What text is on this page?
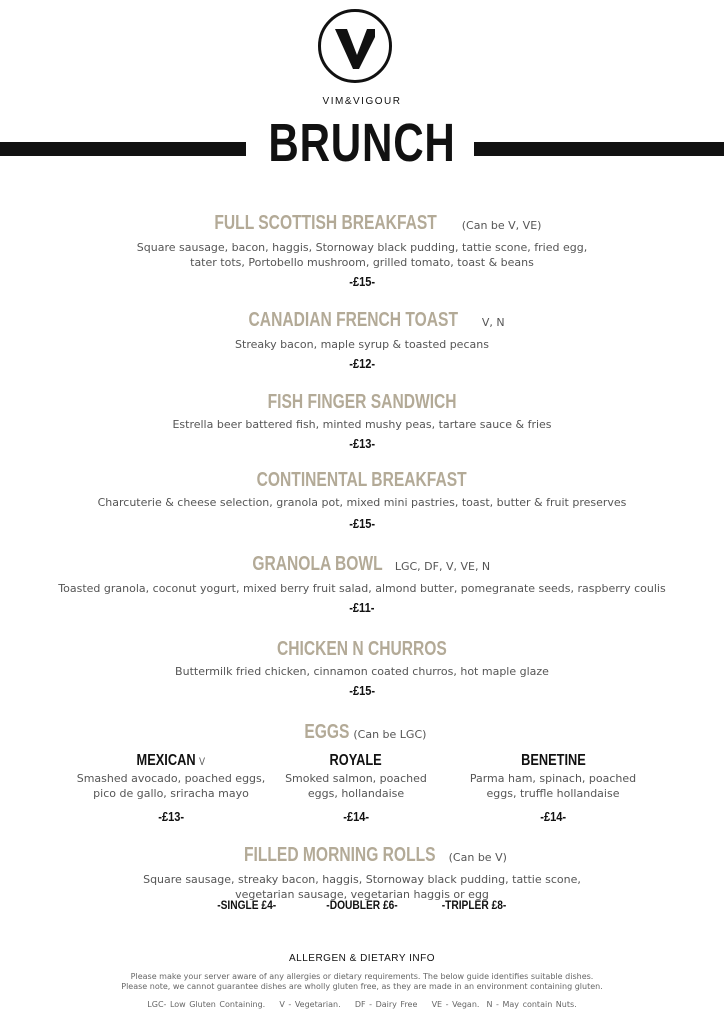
VIM&VIGOUR
BRUNCH
FULL SCOTTISH BREAKFAST (Can be V, VE)
Square sausage, bacon, haggis, Stornoway black pudding, tattie scone, fried egg,
tater tots, Portobello mushroom, grilled tomato, toast & beans
-£15-
CANADIAN FRENCH TOAST V, N
Streaky bacon, maple syrup & toasted pecans
-£12-
FISH FINGER SANDWICH
Estrella beer battered fish, minted mushy peas, tartare sauce & fries
-£13-
CONTINENTAL BREAKFAST
Charcuterie & cheese selection, granola pot, mixed mini pastries, toast, butter & fruit preserves
-£15-
GRANOLA BOWL LGC, DF, V, VE, N
Toasted granola, coconut yogurt, mixed berry fruit salad, almond butter, pomegranate seeds, raspberry coulis
-£11-
CHICKEN N CHURROS
Buttermilk fried chicken, cinnamon coated churros, hot maple glaze
-£15-
EGGS (Can be LGC)
MEXICAN V
Smashed avocado, poached eggs,
pico de gallo, sriracha mayo
-£13-
ROYALE
Smoked salmon, poached
eggs, hollandaise
-£14-
BENETINE
Parma ham, spinach, poached
eggs, truffle hollandaise
-£14-
FILLED MORNING ROLLS (Can be V)
Square sausage, streaky bacon, haggis, Stornoway black pudding, tattie scone,
vegetarian sausage, vegetarian haggis or egg
-SINGLE £4-	-DOUBLER £6-	-TRIPLER £8-
ALLERGEN & DIETARY INFO
Please make your server aware of any allergies or dietary requirements. The below guide identifies suitable dishes.
Please note, we cannot guarantee dishes are wholly gluten free, as they are made in an environment containing gluten.
LGC- Low Gluten Containing.    V - Vegetarian.    DF - Dairy Free    VE - Vegan.  N - May contain Nuts.
